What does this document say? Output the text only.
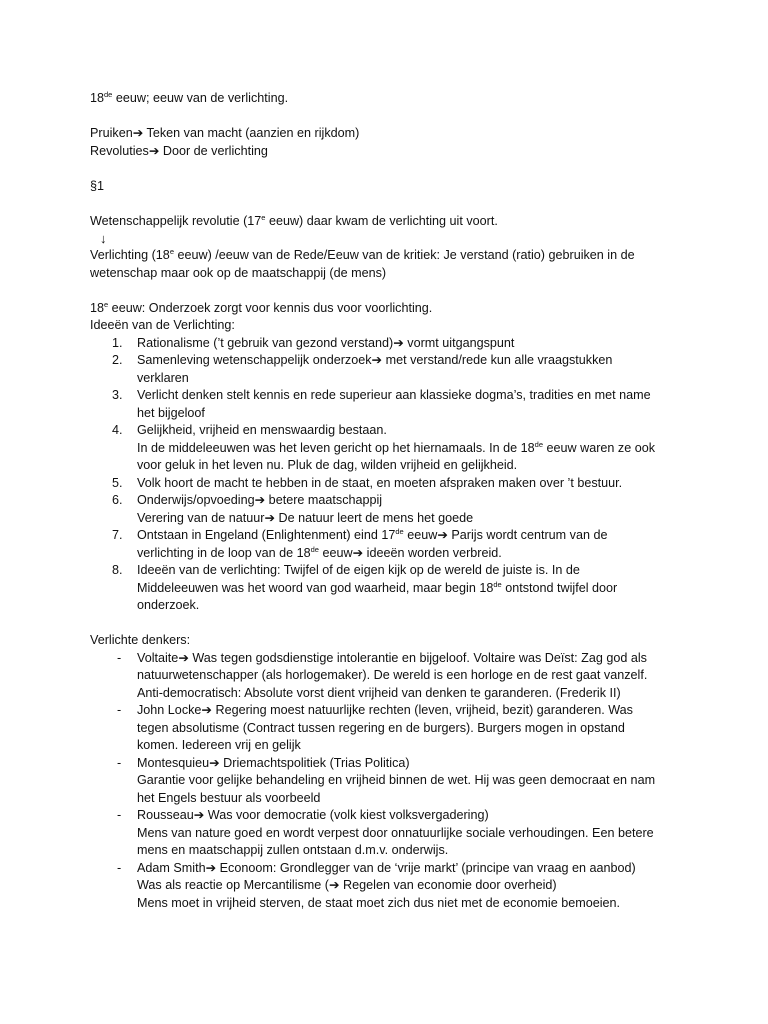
18de eeuw; eeuw van de verlichting.

Pruiken➔ Teken van macht (aanzien en rijkdom)

Revoluties➔ Door de verlichting

§1

Wetenschappelijk revolutie (17e eeuw) daar kwam de verlichting uit voort.

↓

Verlichting (18e eeuw) /eeuw van de Rede/Eeuw van de kritiek: Je verstand (ratio) gebruiken in de
wetenschap maar ook op de maatschappij (de mens)

18e eeuw: Onderzoek zorgt voor kennis dus voor voorlichting.

Ideeën van de Verlichting:

1. Rationalisme (’t gebruik van gezond verstand)➔ vormt uitgangspunt
2. Samenleving wetenschappelijk onderzoek➔ met verstand/rede kun alle vraagstukken
verklaren
3. Verlicht denken stelt kennis en rede superieur aan klassieke dogma’s, tradities en met name
het bijgeloof
4. Gelijkheid, vrijheid en menswaardig bestaan.
In de middeleeuwen was het leven gericht op het hiernamaals. In de 18de eeuw waren ze ook
voor geluk in het leven nu. Pluk de dag, wilden vrijheid en gelijkheid.
5. Volk hoort de macht te hebben in de staat, en moeten afspraken maken over ’t bestuur.
6. Onderwijs/opvoeding➔ betere maatschappij
Verering van de natuur➔ De natuur leert de mens het goede
7. Ontstaan in Engeland (Enlightenment) eind 17de eeuw➔ Parijs wordt centrum van de
verlichting in de loop van de 18de eeuw➔ ideeën worden verbreid.
8. Ideeën van de verlichting: Twijfel of de eigen kijk op de wereld de juiste is. In de
Middeleeuwen was het woord van god waarheid, maar begin 18de ontstond twijfel door
onderzoek.

Verlichte denkers:

- Voltaite➔ Was tegen godsdienstige intolerantie en bijgeloof. Voltaire was Deïst: Zag god als
natuurwetenschapper (als horlogemaker). De wereld is een horloge en de rest gaat vanzelf.
Anti-democratisch: Absolute vorst dient vrijheid van denken te garanderen. (Frederik II)
- John Locke➔ Regering moest natuurlijke rechten (leven, vrijheid, bezit) garanderen. Was
tegen absolutisme (Contract tussen regering en de burgers). Burgers mogen in opstand
komen. Iedereen vrij en gelijk
- Montesquieu➔ Driemachtspolitiek (Trias Politica)
Garantie voor gelijke behandeling en vrijheid binnen de wet. Hij was geen democraat en nam
het Engels bestuur als voorbeeld
- Rousseau➔ Was voor democratie (volk kiest volksvergadering)
Mens van nature goed en wordt verpest door onnatuurlijke sociale verhoudingen. Een betere
mens en maatschappij zullen ontstaan d.m.v. onderwijs.
- Adam Smith➔ Econoom: Grondlegger van de ‘vrije markt’ (principe van vraag en aanbod)
Was als reactie op Mercantilisme (➔ Regelen van economie door overheid)
Mens moet in vrijheid sterven, de staat moet zich dus niet met de economie bemoeien.
